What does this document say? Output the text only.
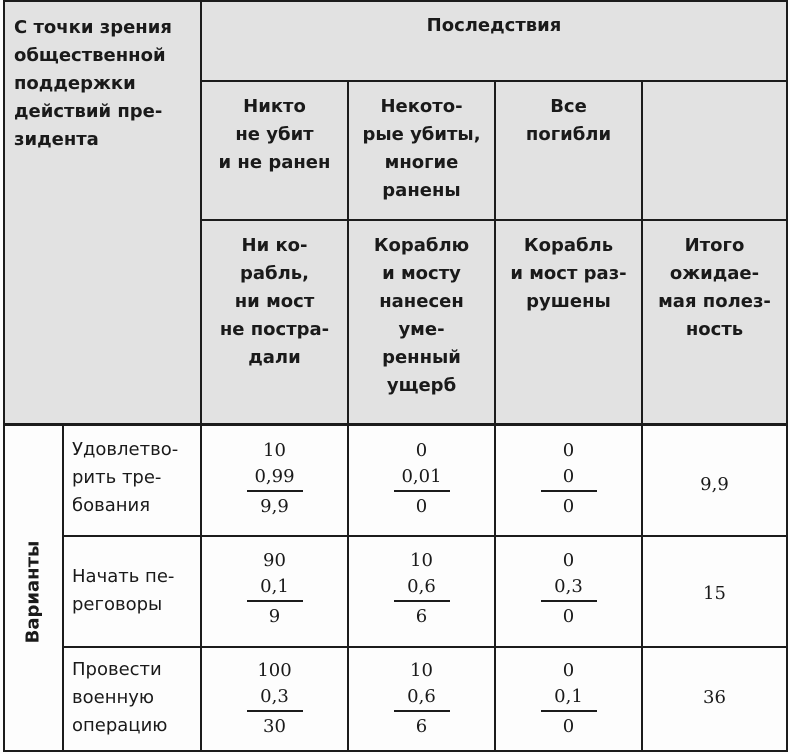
С точки зрения
общественной
поддержки
действий пре-
зидента
Последствия
Никто
не убит
и не ранен
Некото-
рые убиты,
многие
ранены
Все
погибли
Ни ко-
рабль,
ни мост
не постра-
дали
Кораблю
и мосту
нанесен
уме-
ренный
ущерб
Корабль
и мост раз-
рушены
Итого
ожидае-
мая полез-
ность
Варианты
Удовлетво-
рить тре-
бования
10
0,99
9,9
0
0,01
0
0
0
0
9,9
Начать пе-
реговоры
90
0,1
9
10
0,6
6
0
0,3
0
15
Провести
военную
операцию
100
0,3
30
10
0,6
6
0
0,1
0
36
